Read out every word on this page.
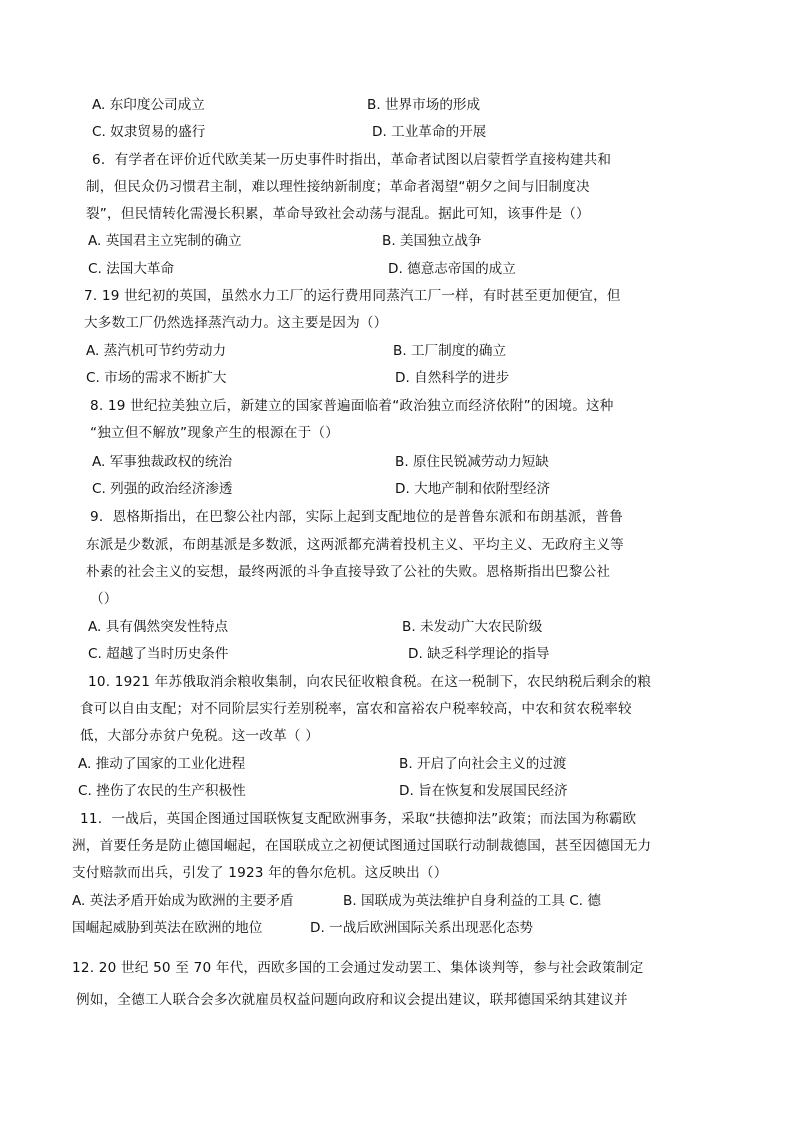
A. 东印度公司成立	B. 世界市场的形成
C. 奴隶贸易的盛行	D. 工业革命的开展
6．有学者在评价近代欧美某一历史事件时指出，革命者试图以启蒙哲学直接构建共和
制，但民众仍习惯君主制，难以理性接纳新制度；革命者渴望“朝夕之间与旧制度决
裂”，但民情转化需漫长积累，革命导致社会动荡与混乱。据此可知，该事件是（）
A. 英国君主立宪制的确立	B. 美国独立战争
C. 法国大革命	D. 德意志帝国的成立
7. 19 世纪初的英国，虽然水力工厂的运行费用同蒸汽工厂一样，有时甚至更加便宜，但
大多数工厂仍然选择蒸汽动力。这主要是因为（）
A. 蒸汽机可节约劳动力	B. 工厂制度的确立
C. 市场的需求不断扩大	D. 自然科学的进步
8. 19 世纪拉美独立后，新建立的国家普遍面临着“政治独立而经济依附”的困境。这种
“独立但不解放”现象产生的根源在于（）
A. 军事独裁政权的统治	B. 原住民锐减劳动力短缺
C. 列强的政治经济渗透	D. 大地产制和依附型经济
9．恩格斯指出，在巴黎公社内部，实际上起到支配地位的是普鲁东派和布朗基派，普鲁
东派是少数派，布朗基派是多数派，这两派都充满着投机主义、平均主义、无政府主义等
朴素的社会主义的妄想，最终两派的斗争直接导致了公社的失败。恩格斯指出巴黎公社
（）
A. 具有偶然突发性特点	B. 未发动广大农民阶级
C. 超越了当时历史条件	D. 缺乏科学理论的指导
10. 1921 年苏俄取消余粮收集制，向农民征收粮食税。在这一税制下，农民纳税后剩余的粮
食可以自由支配；对不同阶层实行差别税率，富农和富裕农户税率较高，中农和贫农税率较
低，大部分赤贫户免税。这一改革（ ）
A. 推动了国家的工业化进程	B. 开启了向社会主义的过渡
C. 挫伤了农民的生产积极性	D. 旨在恢复和发展国民经济
11．一战后，英国企图通过国联恢复支配欧洲事务，采取“扶德抑法”政策；而法国为称霸欧
洲，首要任务是防止德国崛起，在国联成立之初便试图通过国联行动制裁德国，甚至因德国无力
支付赔款而出兵，引发了 1923 年的鲁尔危机。这反映出（）
A. 英法矛盾开始成为欧洲的主要矛盾	B. 国联成为英法维护自身利益的工具 C. 德
国崛起威胁到英法在欧洲的地位	D. 一战后欧洲国际关系出现恶化态势
12. 20 世纪 50 至 70 年代，西欧多国的工会通过发动罢工、集体谈判等，参与社会政策制定
例如，全德工人联合会多次就雇员权益问题向政府和议会提出建议，联邦德国采纳其建议并
